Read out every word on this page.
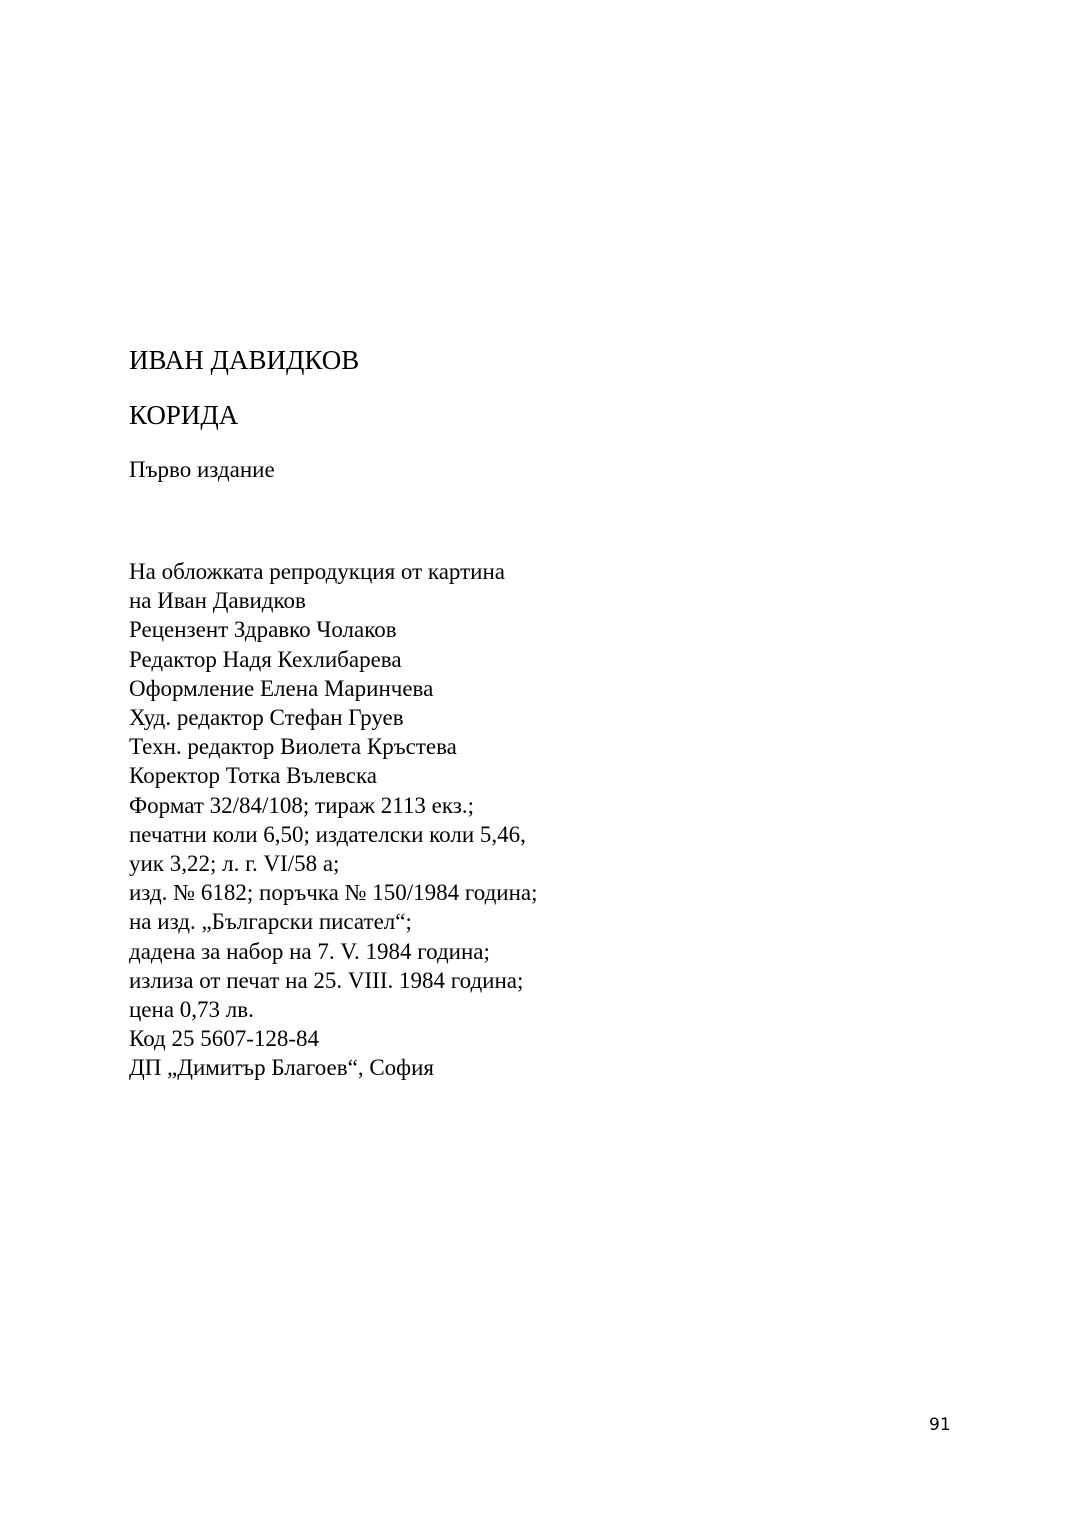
ИВАН ДАВИДКОВ
КОРИДА
Първо издание
На обложката репродукция от картина
на Иван Давидков
Рецензент Здравко Чолаков
Редактор Надя Кехлибарева
Оформление Елена Маринчева
Худ. редактор Стефан Груев
Техн. редактор Виолета Кръстева
Коректор Тотка Вълевска
Формат 32/84/108; тираж 2113 екз.;
печатни коли 6,50; издателски коли 5,46,
уик 3,22; л. г. VI/58 а;
изд. № 6182; поръчка № 150/1984 година;
на изд. „Български писател“;
дадена за набор на 7. V. 1984 година;
излиза от печат на 25. VIII. 1984 година;
цена 0,73 лв.
Код 25 5607-128-84
ДП „Димитър Благоев“, София
91
